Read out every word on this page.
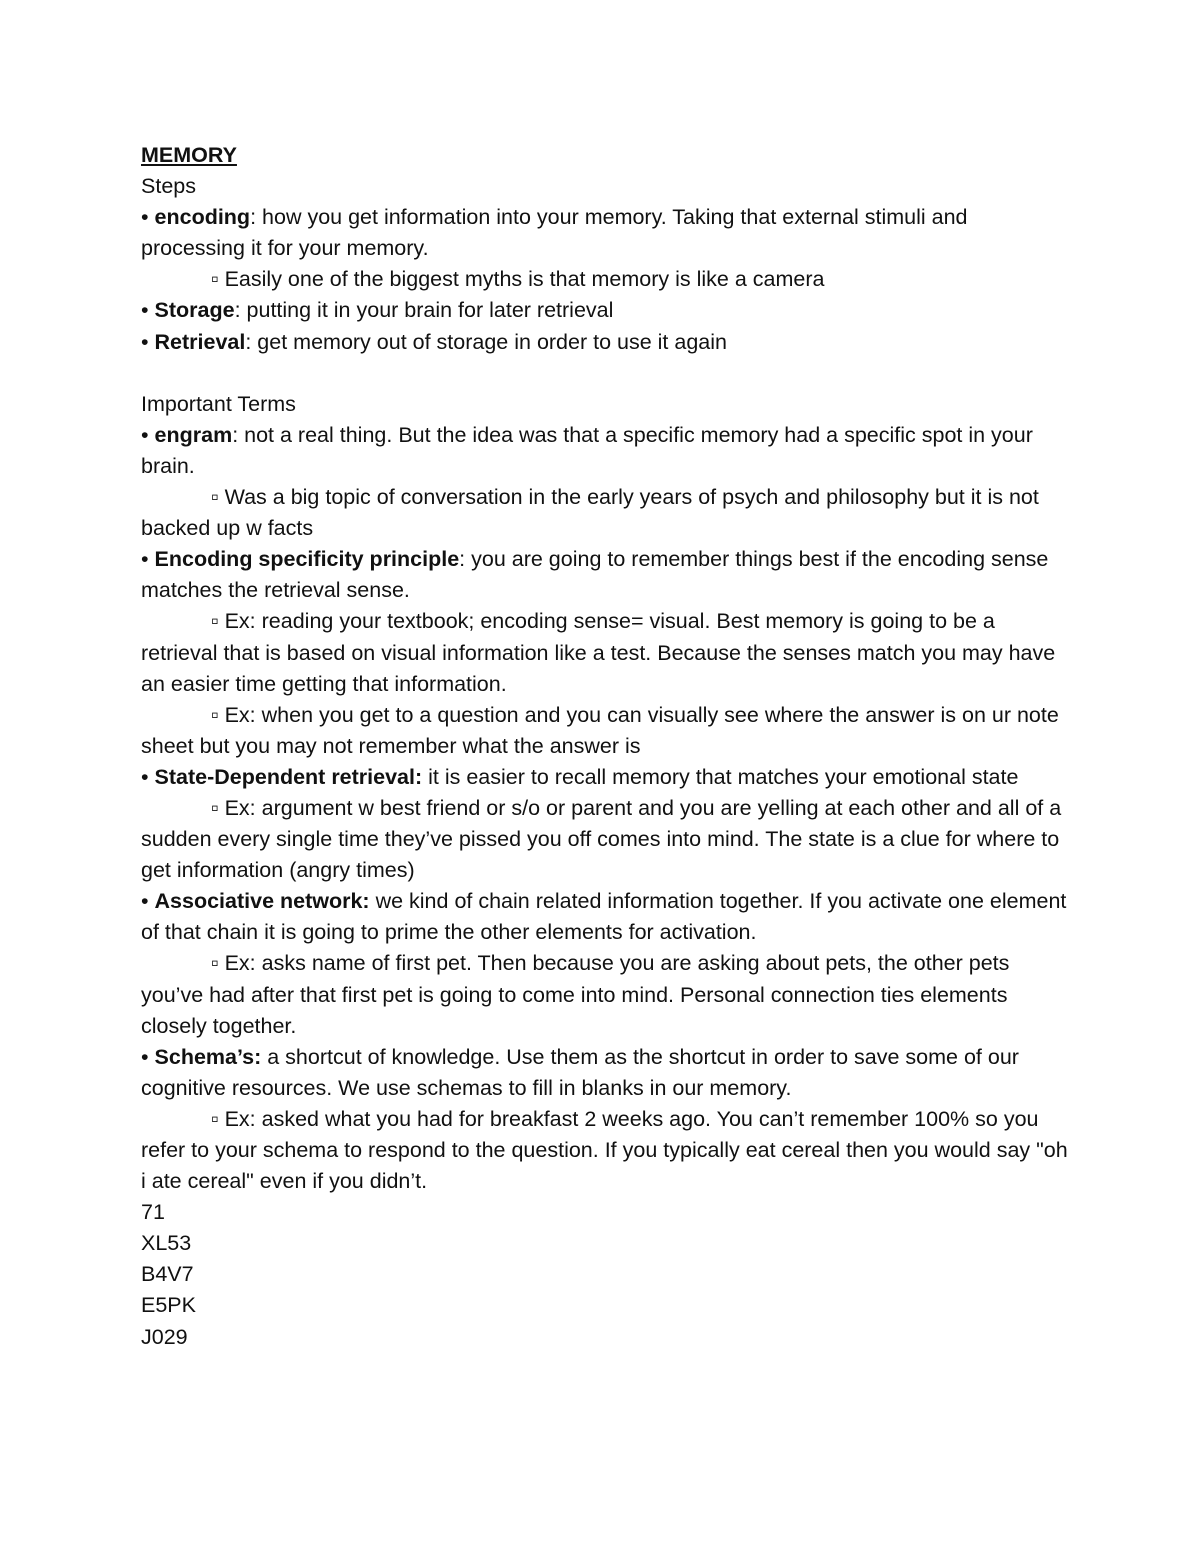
MEMORY

Steps

• encoding: how you get information into your memory. Taking that external stimuli and processing it for your memory.

▫ Easily one of the biggest myths is that memory is like a camera

• Storage: putting it in your brain for later retrieval

• Retrieval: get memory out of storage in order to use it again

Important Terms

• engram: not a real thing. But the idea was that a specific memory had a specific spot in your brain.

▫ Was a big topic of conversation in the early years of psych and philosophy but it is not backed up w facts

• Encoding specificity principle: you are going to remember things best if the encoding sense matches the retrieval sense.

▫ Ex: reading your textbook; encoding sense= visual. Best memory is going to be a retrieval that is based on visual information like a test. Because the senses match you may have an easier time getting that information.

▫ Ex: when you get to a question and you can visually see where the answer is on ur note sheet but you may not remember what the answer is

• State-Dependent retrieval: it is easier to recall memory that matches your emotional state

▫ Ex: argument w best friend or s/o or parent and you are yelling at each other and all of a sudden every single time they’ve pissed you off comes into mind. The state is a clue for where to get information (angry times)

• Associative network: we kind of chain related information together. If you activate one element of that chain it is going to prime the other elements for activation.

▫ Ex: asks name of first pet. Then because you are asking about pets, the other pets you’ve had after that first pet is going to come into mind. Personal connection ties elements closely together.

• Schema’s: a shortcut of knowledge. Use them as the shortcut in order to save some of our cognitive resources. We use schemas to fill in blanks in our memory.

▫ Ex: asked what you had for breakfast 2 weeks ago. You can’t remember 100% so you refer to your schema to respond to the question. If you typically eat cereal then you would say "oh i ate cereal" even if you didn’t.

71

XL53

B4V7

E5PK

J029
